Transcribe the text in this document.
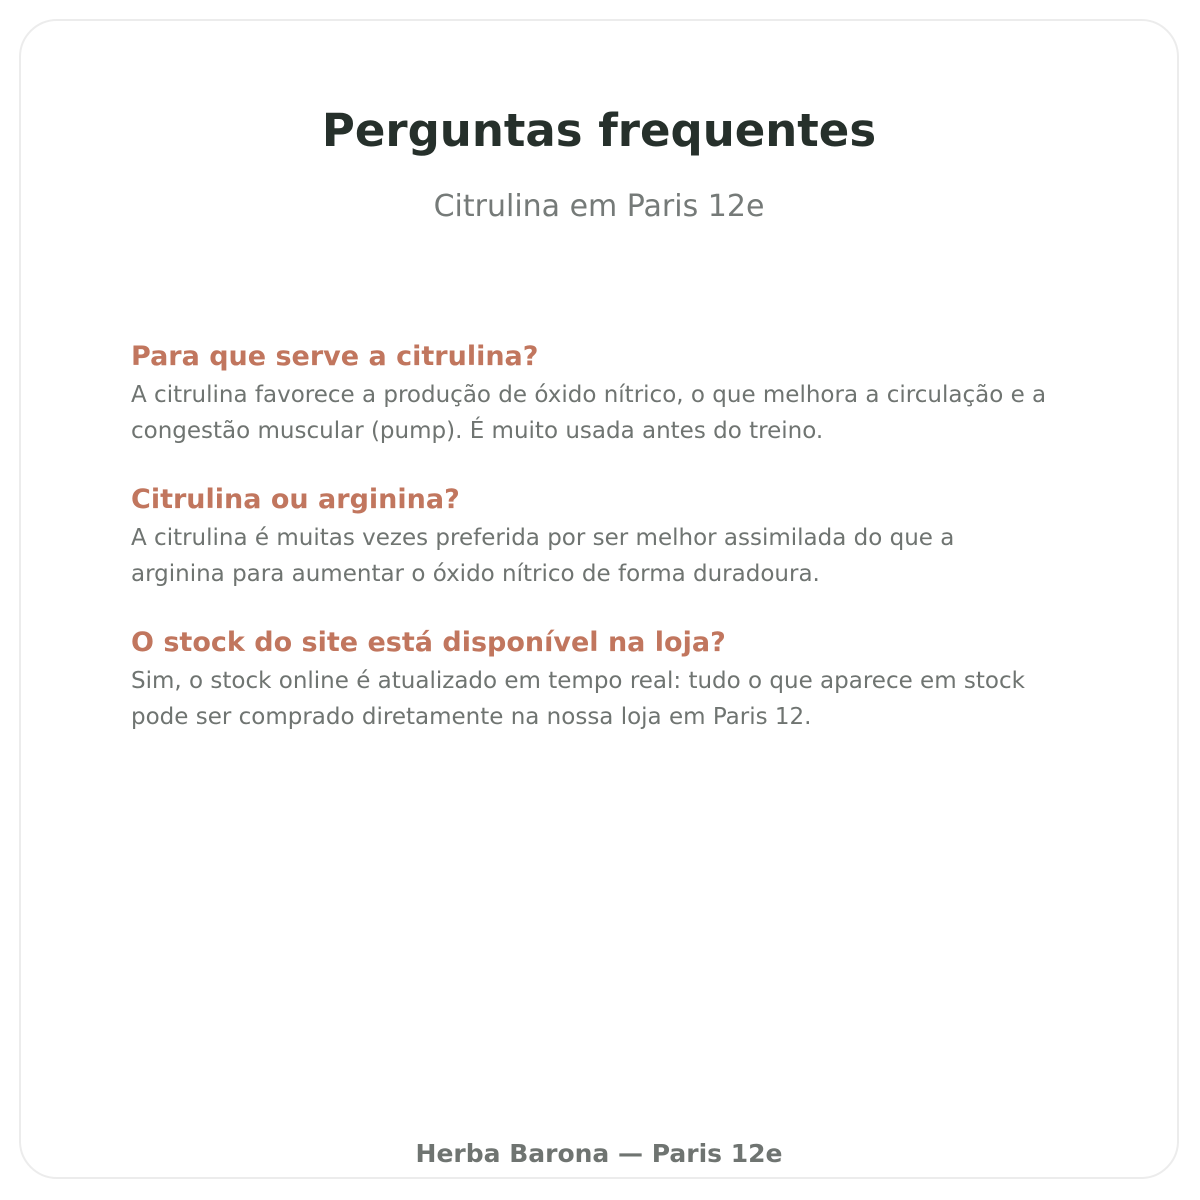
Perguntas frequentes

Citrulina em Paris 12e

Para que serve a citrulina?

A citrulina favorece a produção de óxido nítrico, o que melhora a circulação e a
congestão muscular (pump). É muito usada antes do treino.

Citrulina ou arginina?

A citrulina é muitas vezes preferida por ser melhor assimilada do que a
arginina para aumentar o óxido nítrico de forma duradoura.

O stock do site está disponível na loja?

Sim, o stock online é atualizado em tempo real: tudo o que aparece em stock
pode ser comprado diretamente na nossa loja em Paris 12.

Herba Barona — Paris 12e
